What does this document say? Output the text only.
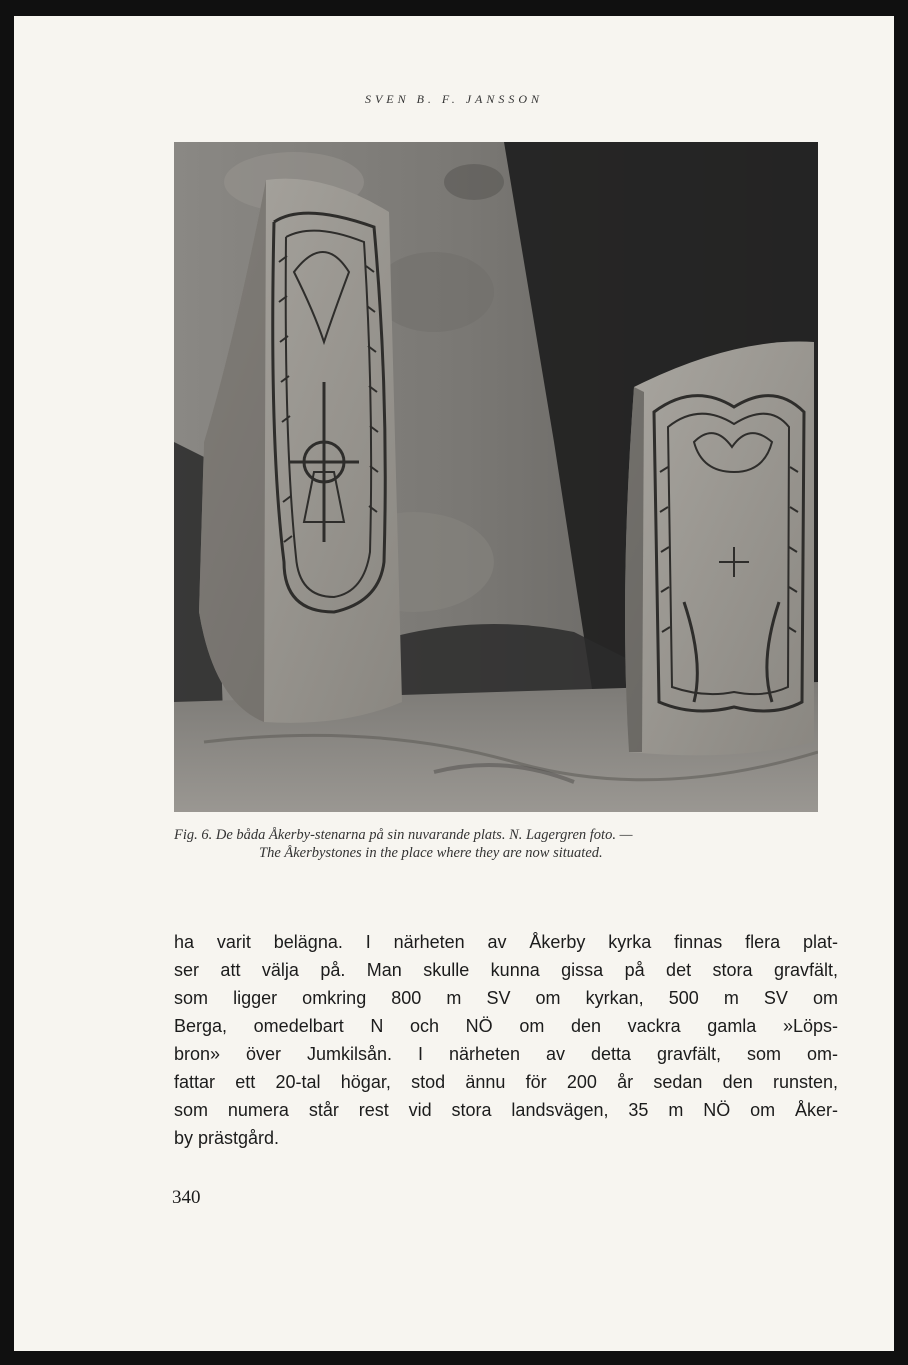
SVEN B. F. JANSSON
Fig. 6. De båda Åkerby-stenarna på sin nuvarande plats. N. Lagergren foto. —
The Åkerbystones in the place where they are now situated.
ha varit belägna. I närheten av Åkerby kyrka finnas flera plat-
ser att välja på. Man skulle kunna gissa på det stora gravfält,
som ligger omkring 800 m SV om kyrkan, 500 m SV om
Berga, omedelbart N och NÖ om den vackra gamla »Löps-
bron» över Jumkilsån. I närheten av detta gravfält, som om-
fattar ett 20-tal högar, stod ännu för 200 år sedan den runsten,
som numera står rest vid stora landsvägen, 35 m NÖ om Åker-
by prästgård.
340
